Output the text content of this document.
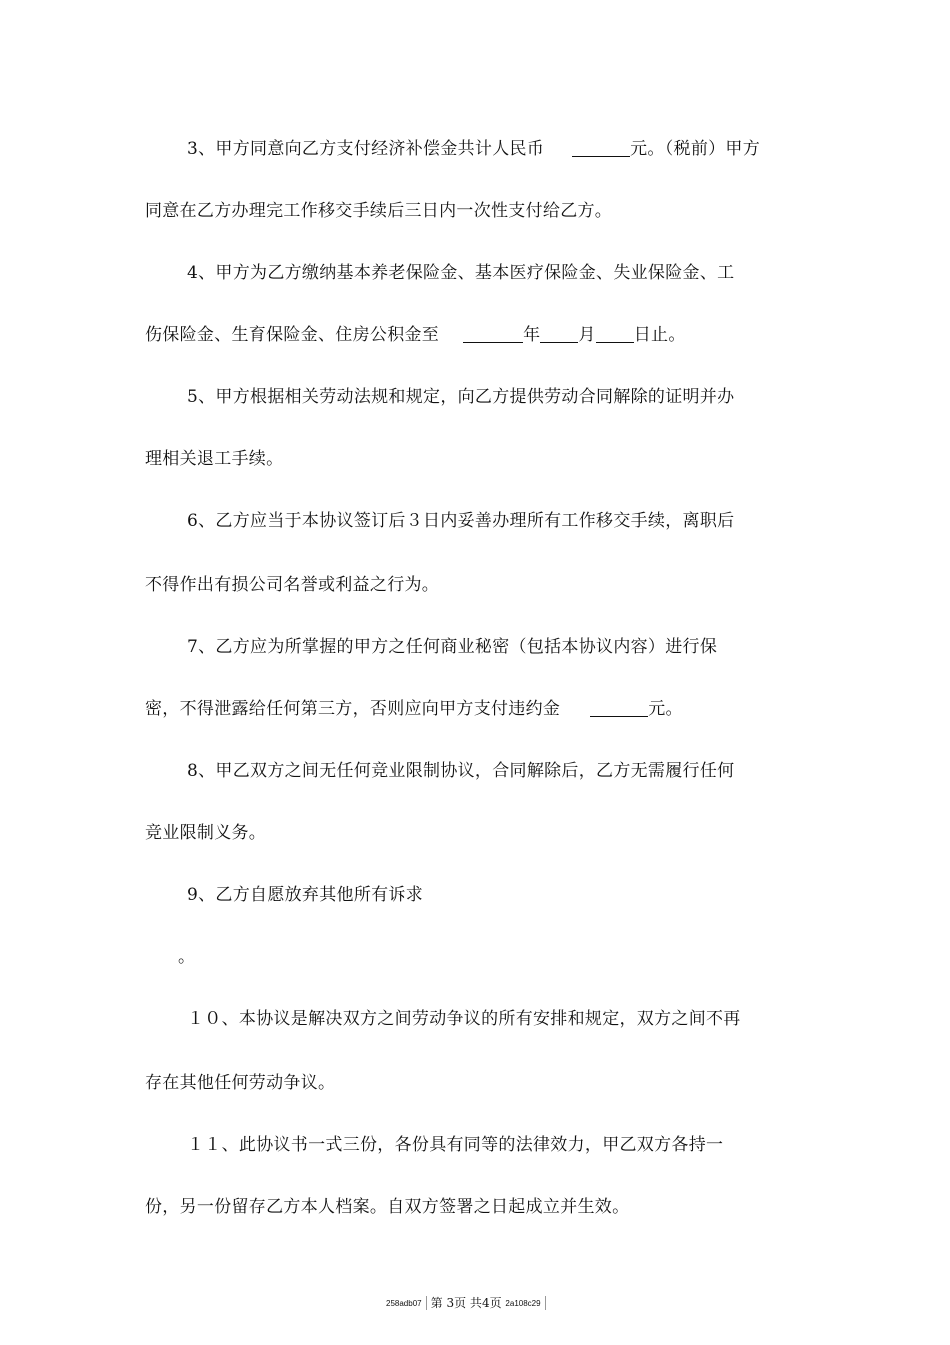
3、甲方同意向乙方支付经济补偿金共计人民币	元。（税前）甲方
同意在乙方办理完工作移交手续后三日内一次性支付给乙方。
4、甲方为乙方缴纳基本养老保险金、基本医疗保险金、失业保险金、工
伤保险金、生育保险金、住房公积金至	年 月 日止。
5、甲方根据相关劳动法规和规定，向乙方提供劳动合同解除的证明并办
理相关退工手续。
6、乙方应当于本协议签订后３日内妥善办理所有工作移交手续，离职后
不得作出有损公司名誉或利益之行为。
7、乙方应为所掌握的甲方之任何商业秘密（包括本协议内容）进行保
密，不得泄露给任何第三方，否则应向甲方支付违约金	元。
8、甲乙双方之间无任何竞业限制协议，合同解除后，乙方无需履行任何
竞业限制义务。
9、乙方自愿放弃其他所有诉求
。
１０、本协议是解决双方之间劳动争议的所有安排和规定，双方之间不再
存在其他任何劳动争议。
１１、此协议书一式三份，各份具有同等的法律效力，甲乙双方各持一
份，另一份留存乙方本人档案。自双方签署之日起成立并生效。
258adb07 第 3页 共4页 2a108c29
